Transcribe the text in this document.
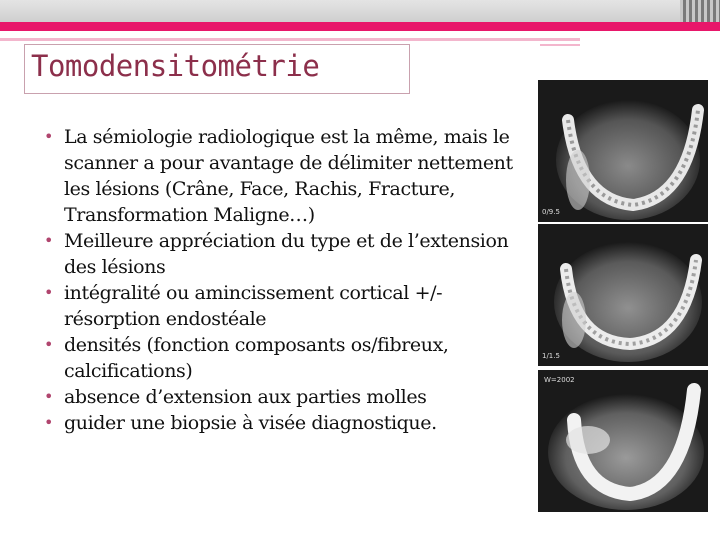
Tomodensitométrie
• La sémiologie radiologique est la même, mais le scanner a pour avantage de délimiter nettement les lésions (Crâne, Face, Rachis, Fracture, Transformation Maligne…)
• Meilleure appréciation du type et de l’extension des lésions
• intégralité ou amincissement cortical +/- résorption endostéale
• densités (fonction composants os/fibreux, calcifications)
• absence d’extension aux parties molles
• guider une biopsie à visée diagnostique.
0/9.5
1/1.5
W=2002
